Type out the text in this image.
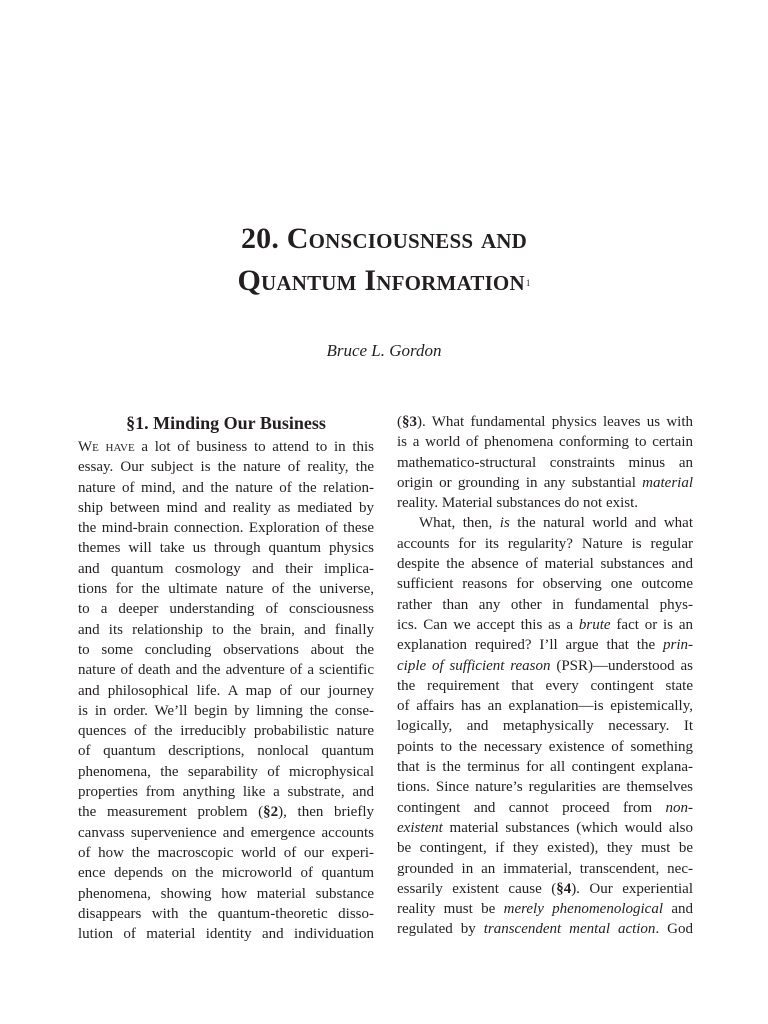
20. Consciousness and
Quantum Information$^1$
Bruce L. Gordon
§1. Minding Our Business
We have a lot of business to attend to in this
essay. Our subject is the nature of reality, the
nature of mind, and the nature of the relation-
ship between mind and reality as mediated by
the mind-brain connection. Exploration of these
themes will take us through quantum physics
and quantum cosmology and their implica-
tions for the ultimate nature of the universe,
to a deeper understanding of consciousness
and its relationship to the brain, and finally
to some concluding observations about the
nature of death and the adventure of a scientific
and philosophical life. A map of our journey
is in order. We’ll begin by limning the conse-
quences of the irreducibly probabilistic nature
of quantum descriptions, nonlocal quantum
phenomena, the separability of microphysical
properties from anything like a substrate, and
the measurement problem (§2), then briefly
canvass supervenience and emergence accounts
of how the macroscopic world of our experi-
ence depends on the microworld of quantum
phenomena, showing how material substance
disappears with the quantum-theoretic disso-
lution of material identity and individuation
(§3). What fundamental physics leaves us with
is a world of phenomena conforming to certain
mathematico-structural constraints minus an
origin or grounding in any substantial material
reality. Material substances do not exist.
What, then, is the natural world and what
accounts for its regularity? Nature is regular
despite the absence of material substances and
sufficient reasons for observing one outcome
rather than any other in fundamental phys-
ics. Can we accept this as a brute fact or is an
explanation required? I’ll argue that the prin-
ciple of sufficient reason (PSR)—understood as
the requirement that every contingent state
of affairs has an explanation—is epistemically,
logically, and metaphysically necessary. It
points to the necessary existence of something
that is the terminus for all contingent explana-
tions. Since nature’s regularities are themselves
contingent and cannot proceed from non-
existent material substances (which would also
be contingent, if they existed), they must be
grounded in an immaterial, transcendent, nec-
essarily existent cause (§4). Our experiential
reality must be merely phenomenological and
regulated by transcendent mental action. God
